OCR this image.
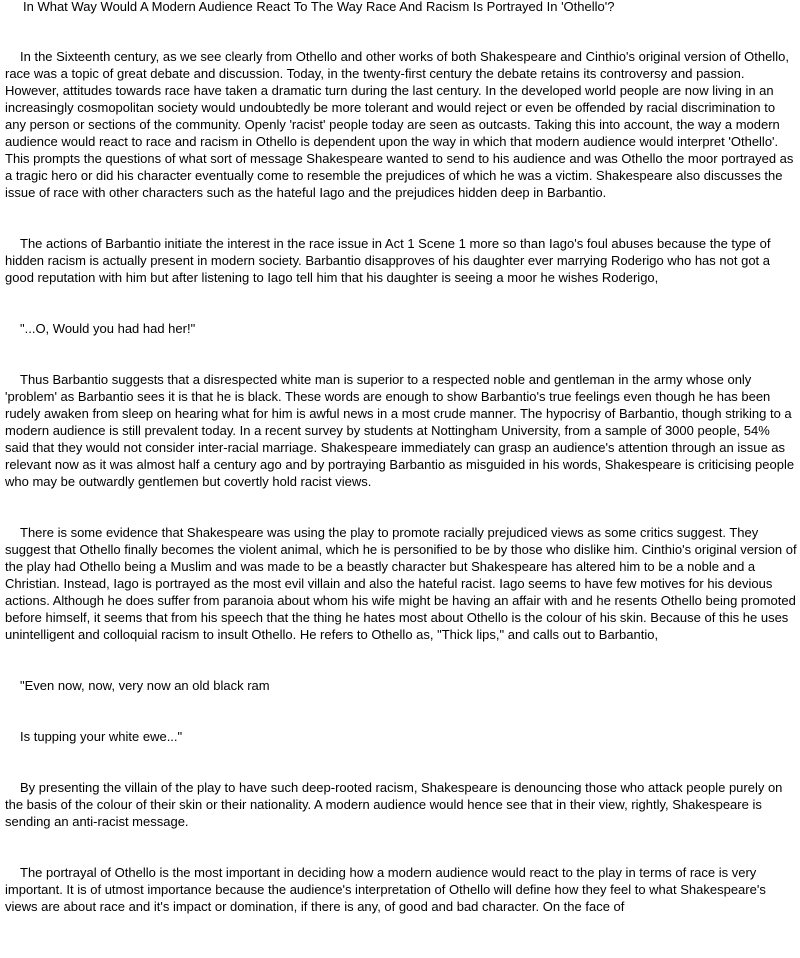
In What Way Would A Modern Audience React To The Way Race And Racism Is Portrayed In 'Othello'?

In the Sixteenth century, as we see clearly from Othello and other works of both Shakespeare and Cinthio's original version of Othello, race was a topic of great debate and discussion. Today, in the twenty-first century the debate retains its controversy and passion. However, attitudes towards race have taken a dramatic turn during the last century. In the developed world people are now living in an increasingly cosmopolitan society would undoubtedly be more tolerant and would reject or even be offended by racial discrimination to any person or sections of the community. Openly 'racist' people today are seen as outcasts. Taking this into account, the way a modern audience would react to race and racism in Othello is dependent upon the way in which that modern audience would interpret 'Othello'. This prompts the questions of what sort of message Shakespeare wanted to send to his audience and was Othello the moor portrayed as a tragic hero or did his character eventually come to resemble the prejudices of which he was a victim. Shakespeare also discusses the issue of race with other characters such as the hateful Iago and the prejudices hidden deep in Barbantio.

The actions of Barbantio initiate the interest in the race issue in Act 1 Scene 1 more so than Iago's foul abuses because the type of hidden racism is actually present in modern society. Barbantio disapproves of his daughter ever marrying Roderigo who has not got a good reputation with him but after listening to Iago tell him that his daughter is seeing a moor he wishes Roderigo,

"...O, Would you had had her!"

Thus Barbantio suggests that a disrespected white man is superior to a respected noble and gentleman in the army whose only 'problem' as Barbantio sees it is that he is black. These words are enough to show Barbantio's true feelings even though he has been rudely awaken from sleep on hearing what for him is awful news in a most crude manner. The hypocrisy of Barbantio, though striking to a modern audience is still prevalent today. In a recent survey by students at Nottingham University, from a sample of 3000 people, 54% said that they would not consider inter-racial marriage. Shakespeare immediately can grasp an audience's attention through an issue as relevant now as it was almost half a century ago and by portraying Barbantio as misguided in his words, Shakespeare is criticising people who may be outwardly gentlemen but covertly hold racist views.

There is some evidence that Shakespeare was using the play to promote racially prejudiced views as some critics suggest. They suggest that Othello finally becomes the violent animal, which he is personified to be by those who dislike him. Cinthio's original version of the play had Othello being a Muslim and was made to be a beastly character but Shakespeare has altered him to be a noble and a Christian. Instead, Iago is portrayed as the most evil villain and also the hateful racist. Iago seems to have few motives for his devious actions. Although he does suffer from paranoia about whom his wife might be having an affair with and he resents Othello being promoted before himself, it seems that from his speech that the thing he hates most about Othello is the colour of his skin. Because of this he uses unintelligent and colloquial racism to insult Othello. He refers to Othello as, "Thick lips," and calls out to Barbantio,

"Even now, now, very now an old black ram

Is tupping your white ewe..."

By presenting the villain of the play to have such deep-rooted racism, Shakespeare is denouncing those who attack people purely on the basis of the colour of their skin or their nationality. A modern audience would hence see that in their view, rightly, Shakespeare is sending an anti-racist message.

The portrayal of Othello is the most important in deciding how a modern audience would react to the play in terms of race is very important. It is of utmost importance because the audience's interpretation of Othello will define how they feel to what Shakespeare's views are about race and it's impact or domination, if there is any, of good and bad character. On the face of
